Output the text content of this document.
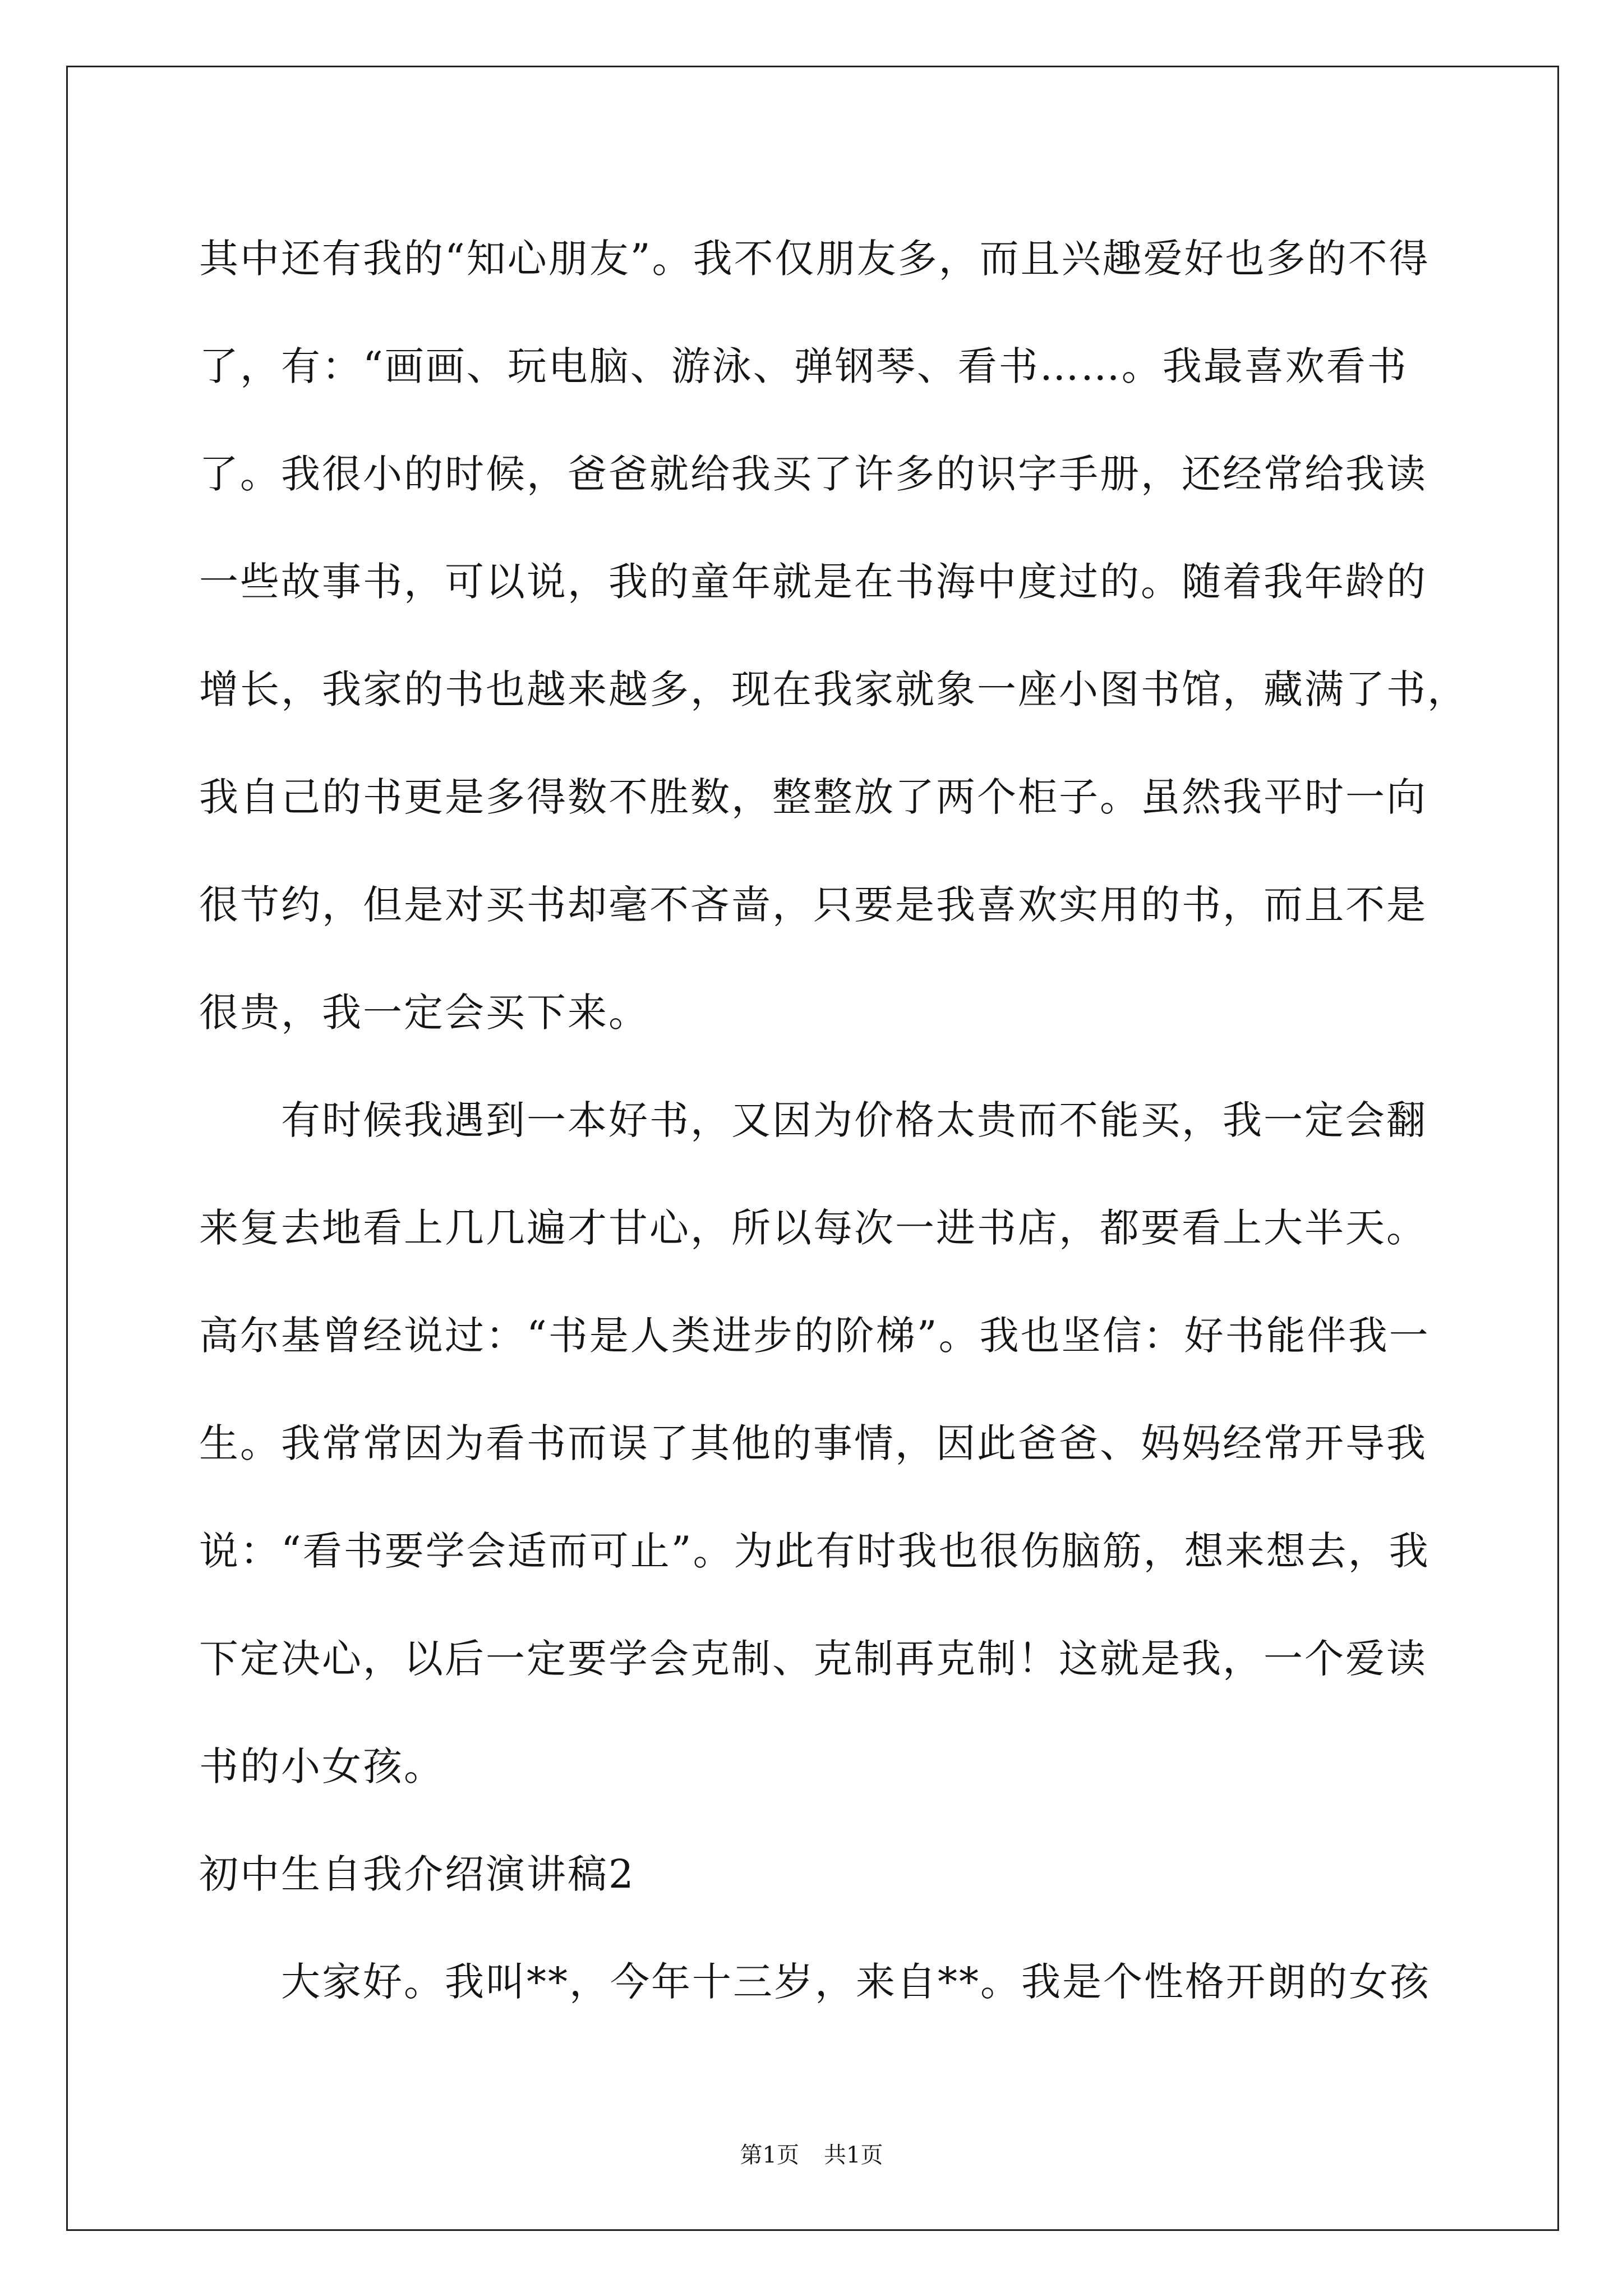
其中还有我的“知心朋友”。我不仅朋友多，而且兴趣爱好也多的不得
了，有：“画画、玩电脑、游泳、弹钢琴、看书……。我最喜欢看书
了。我很小的时候，爸爸就给我买了许多的识字手册，还经常给我读
一些故事书，可以说，我的童年就是在书海中度过的。随着我年龄的
增长，我家的书也越来越多，现在我家就象一座小图书馆，藏满了书，
我自己的书更是多得数不胜数，整整放了两个柜子。虽然我平时一向
很节约，但是对买书却毫不吝啬，只要是我喜欢实用的书，而且不是
很贵，我一定会买下来。
有时候我遇到一本好书，又因为价格太贵而不能买，我一定会翻
来复去地看上几几遍才甘心，所以每次一进书店，都要看上大半天。
高尔基曾经说过：“书是人类进步的阶梯”。我也坚信：好书能伴我一
生。我常常因为看书而误了其他的事情，因此爸爸、妈妈经常开导我
说：“看书要学会适而可止”。为此有时我也很伤脑筋，想来想去，我
下定决心，以后一定要学会克制、克制再克制！这就是我，一个爱读
书的小女孩。
初中生自我介绍演讲稿2
大家好。我叫**，今年十三岁，来自**。我是个性格开朗的女孩
第1页 共1页
